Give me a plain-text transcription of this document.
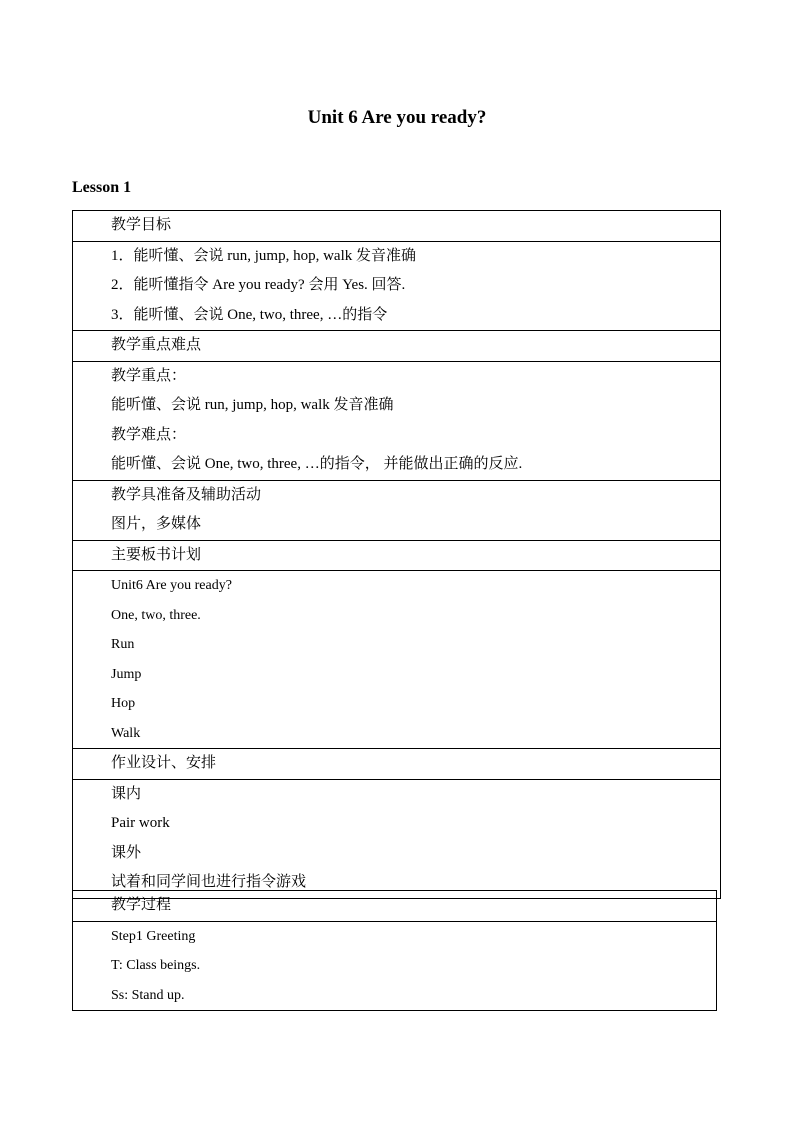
Unit 6 Are you ready?
Lesson 1
教学目标
1．能听懂、会说 run, jump, hop, walk 发音准确
2．能听懂指令 Are you ready? 会用 Yes. 回答.
3．能听懂、会说 One, two, three, …的指令
教学重点难点
教学重点：
能听懂、会说 run, jump, hop, walk 发音准确
教学难点：
能听懂、会说 One, two, three, …的指令， 并能做出正确的反应.
教学具准备及辅助活动
图片，多媒体
主要板书计划
Unit6 Are you ready?
One, two, three.
Run
Jump
Hop
Walk
作业设计、安排
课内
Pair work
课外
试着和同学间也进行指令游戏
教学过程
Step1 Greeting
T: Class beings.
Ss: Stand up.
